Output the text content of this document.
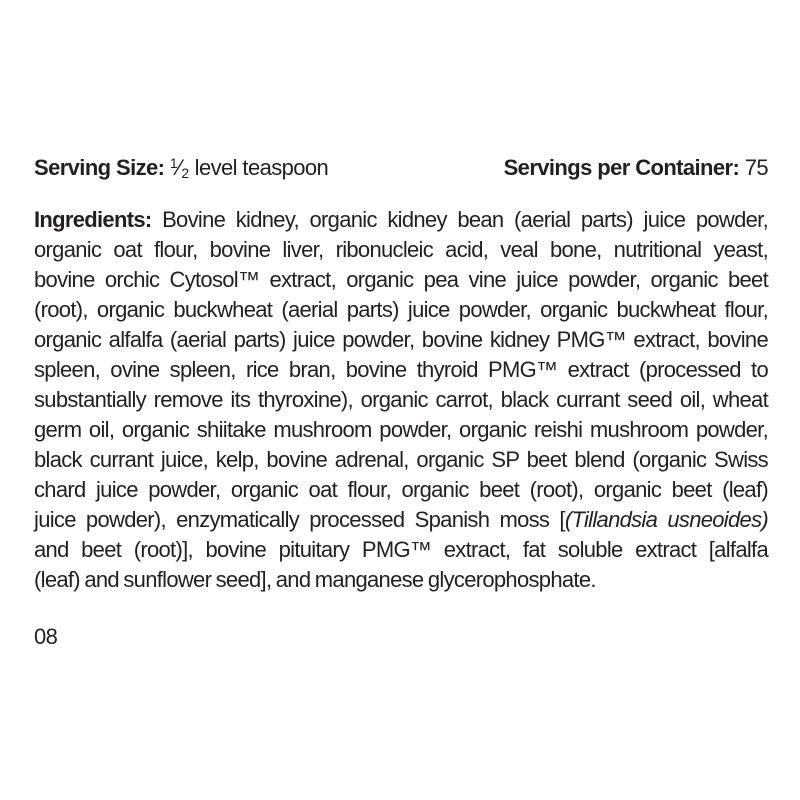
Serving Size: $^1$⁄2 level teaspoon	Servings per Container: 75
Ingredients: Bovine kidney, organic kidney bean (aerial parts) juice powder,
organic oat flour, bovine liver, ribonucleic acid, veal bone, nutritional yeast,
bovine orchic Cytosol™ extract, organic pea vine juice powder, organic beet
(root), organic buckwheat (aerial parts) juice powder, organic buckwheat flour,
organic alfalfa (aerial parts) juice powder, bovine kidney PMG™ extract, bovine
spleen, ovine spleen, rice bran, bovine thyroid PMG™ extract (processed to
substantially remove its thyroxine), organic carrot, black currant seed oil, wheat
germ oil, organic shiitake mushroom powder, organic reishi mushroom powder,
black currant juice, kelp, bovine adrenal, organic SP beet blend (organic Swiss
chard juice powder, organic oat flour, organic beet (root), organic beet (leaf)
juice powder), enzymatically processed Spanish moss [(Tillandsia usneoides)
and beet (root)], bovine pituitary PMG™ extract, fat soluble extract [alfalfa
(leaf) and sunflower seed], and manganese glycerophosphate.
08
